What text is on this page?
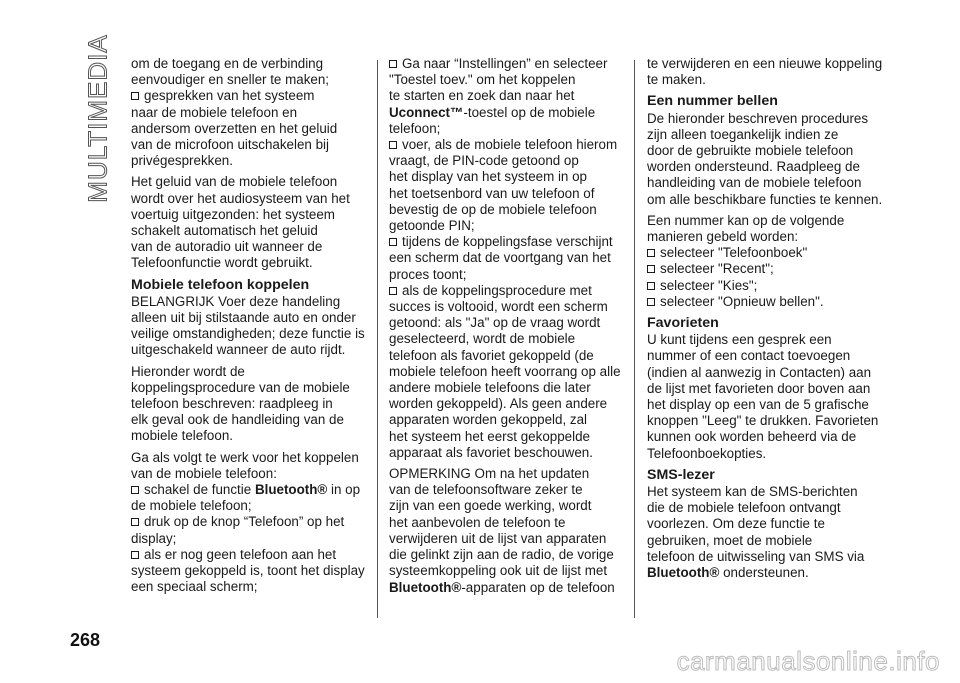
MULTIMEDIA om de toegang en de verbinding
eenvoudiger en sneller te maken;
gesprekken van het systeem
naar de mobiele telefoon en
andersom overzetten en het geluid
van de microfoon uitschakelen bij
privégesprekken.
Het geluid van de mobiele telefoon
wordt over het audiosysteem van het
voertuig uitgezonden: het systeem
schakelt automatisch het geluid
van de autoradio uit wanneer de
Telefoonfunctie wordt gebruikt.
Mobiele telefoon koppelen
BELANGRIJK Voer deze handeling
alleen uit bij stilstaande auto en onder
veilige omstandigheden; deze functie is
uitgeschakeld wanneer de auto rijdt.
Hieronder wordt de
koppelingsprocedure van de mobiele
telefoon beschreven: raadpleeg in
elk geval ook de handleiding van de
mobiele telefoon.
Ga als volgt te werk voor het koppelen
van de mobiele telefoon:
schakel de functie Bluetooth® in op
de mobiele telefoon;
druk op de knop “Telefoon” op het
display;
als er nog geen telefoon aan het
systeem gekoppeld is, toont het display
een speciaal scherm;
Ga naar “Instellingen” en selecteer
"Toestel toev." om het koppelen
te starten en zoek dan naar het
Uconnect™-toestel op de mobiele
telefoon;
voer, als de mobiele telefoon hierom
vraagt, de PIN-code getoond op
het display van het systeem in op
het toetsenbord van uw telefoon of
bevestig de op de mobiele telefoon
getoonde PIN;
tijdens de koppelingsfase verschijnt
een scherm dat de voortgang van het
proces toont;
als de koppelingsprocedure met
succes is voltooid, wordt een scherm
getoond: als "Ja" op de vraag wordt
geselecteerd, wordt de mobiele
telefoon als favoriet gekoppeld (de
mobiele telefoon heeft voorrang op alle
andere mobiele telefoons die later
worden gekoppeld). Als geen andere
apparaten worden gekoppeld, zal
het systeem het eerst gekoppelde
apparaat als favoriet beschouwen.
OPMERKING Om na het updaten
van de telefoonsoftware zeker te
zijn van een goede werking, wordt
het aanbevolen de telefoon te
verwijderen uit de lijst van apparaten
die gelinkt zijn aan de radio, de vorige
systeemkoppeling ook uit de lijst met
Bluetooth®-apparaten op de telefoon
te verwijderen en een nieuwe koppeling
te maken.
Een nummer bellen
De hieronder beschreven procedures
zijn alleen toegankelijk indien ze
door de gebruikte mobiele telefoon
worden ondersteund. Raadpleeg de
handleiding van de mobiele telefoon
om alle beschikbare functies te kennen.
Een nummer kan op de volgende
manieren gebeld worden:
selecteer "Telefoonboek"
selecteer "Recent";
selecteer "Kies";
selecteer "Opnieuw bellen".
Favorieten
U kunt tijdens een gesprek een
nummer of een contact toevoegen
(indien al aanwezig in Contacten) aan
de lijst met favorieten door boven aan
het display op een van de 5 grafische
knoppen "Leeg" te drukken. Favorieten
kunnen ook worden beheerd via de
Telefoonboekopties.
SMS-lezer
Het systeem kan de SMS-berichten
die de mobiele telefoon ontvangt
voorlezen. Om deze functie te
gebruiken, moet de mobiele
telefoon de uitwisseling van SMS via
Bluetooth® ondersteunen.
268
carmanualsonline.info
